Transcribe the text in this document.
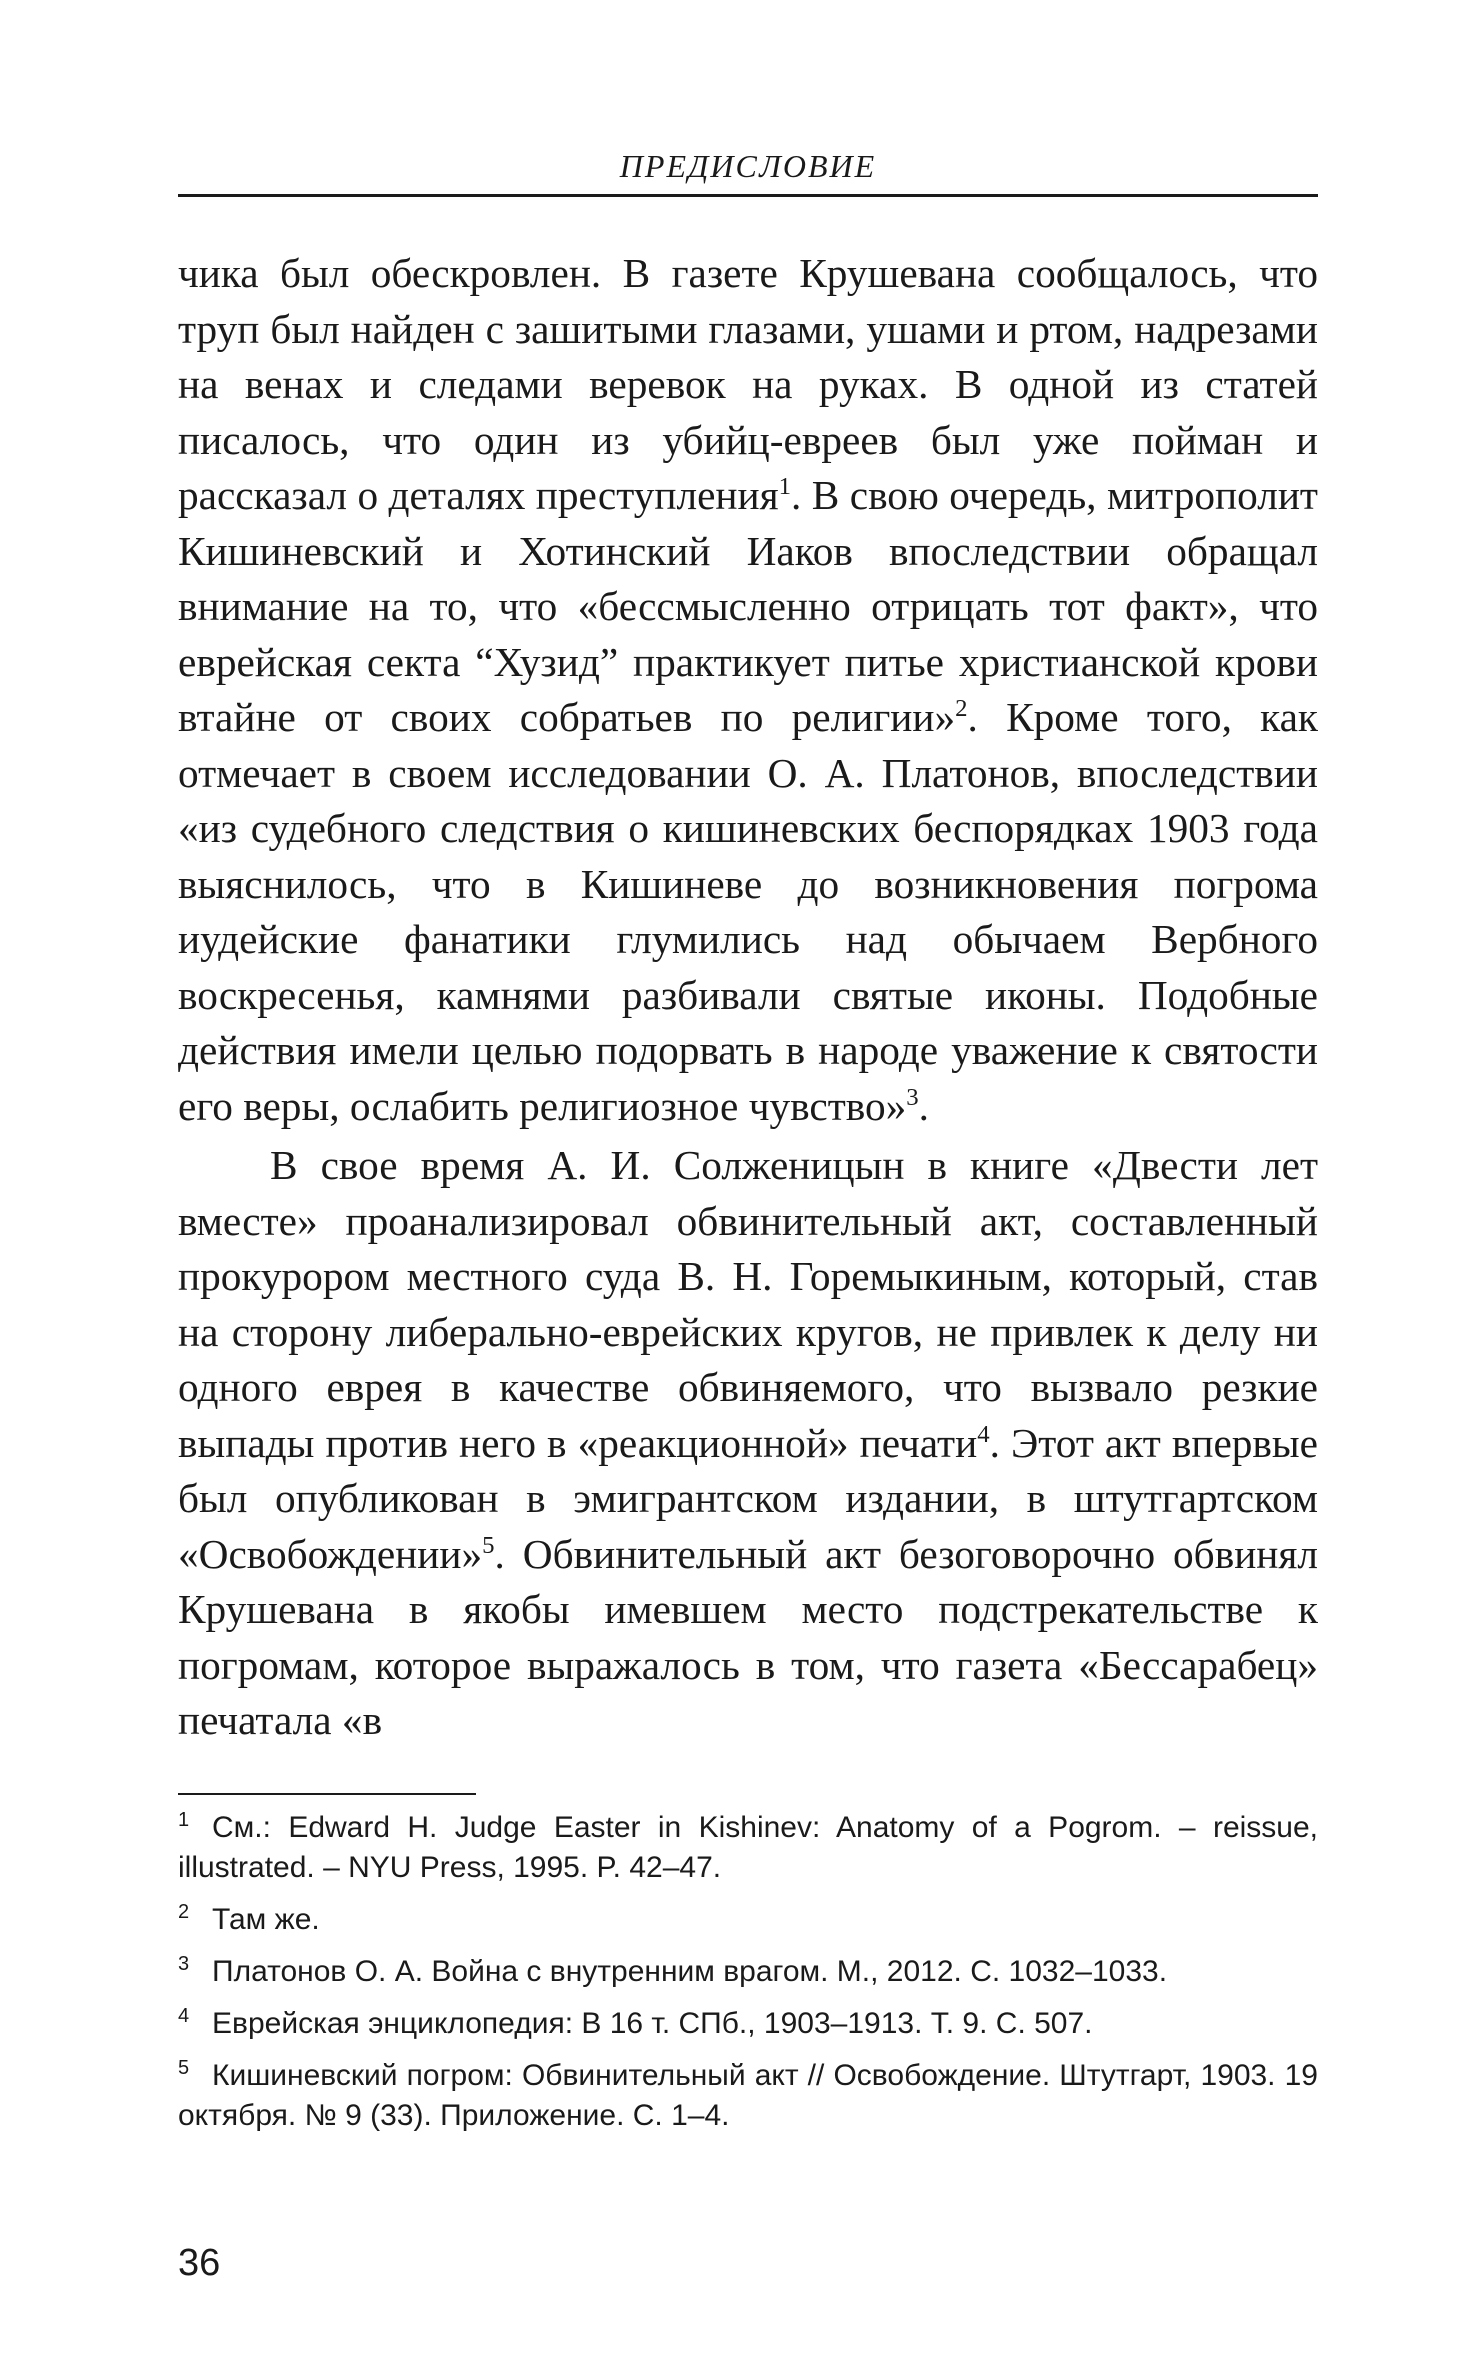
ПРЕДИСЛОВИЕ

чика был обескровлен. В газете Крушевана сообщалось, что труп был найден с зашитыми глазами, ушами и ртом, надрезами на венах и следами веревок на руках. В одной из статей писалось, что один из убийц-евреев был уже пойман и рассказал о деталях преступления$^1$. В свою очередь, митрополит Кишиневский и Хотинский Иаков впоследствии обращал внимание на то, что «бессмысленно отрицать тот факт», что еврейская секта “Хузид” практикует питье христианской крови втайне от своих собратьев по религии»$^2$. Кроме того, как отмечает в своем исследовании О. А. Платонов, впоследствии «из судебного следствия о кишиневских беспорядках 1903 года выяснилось, что в Кишиневе до возникновения погрома иудейские фанатики глумились над обычаем Вербного воскресенья, камнями разбивали святые иконы. Подобные действия имели целью подорвать в народе уважение к святости его веры, ослабить религиозное чувство»$^3$.

В свое время А. И. Солженицын в книге «Двести лет вместе» проанализировал обвинительный акт, составленный прокурором местного суда В. Н. Горемыкиным, который, став на сторону либерально-еврейских кругов, не привлек к делу ни одного еврея в качестве обвиняемого, что вызвало резкие выпады против него в «реакционной» печати$^4$. Этот акт впервые был опубликован в эмигрантском издании, в штутгартском «Освобождении»$^5$. Обвинительный акт безоговорочно обвинял Крушевана в якобы имевшем место подстрекательстве к погромам, которое выражалось в том, что газета «Бессарабец» печатала «в

1 См.: Edward H. Judge Easter in Kishinev: Anatomy of a Pogrom. – reissue, illustrated. – NYU Press, 1995. P. 42–47.

2 Там же.

3 Платонов О. А. Война с внутренним врагом. М., 2012. С. 1032–1033.

4 Еврейская энциклопедия: В 16 т. СПб., 1903–1913. Т. 9. С. 507.

5 Кишиневский погром: Обвинительный акт // Освобождение. Штутгарт, 1903. 19 октября. № 9 (33). Приложение. С. 1–4.

36
